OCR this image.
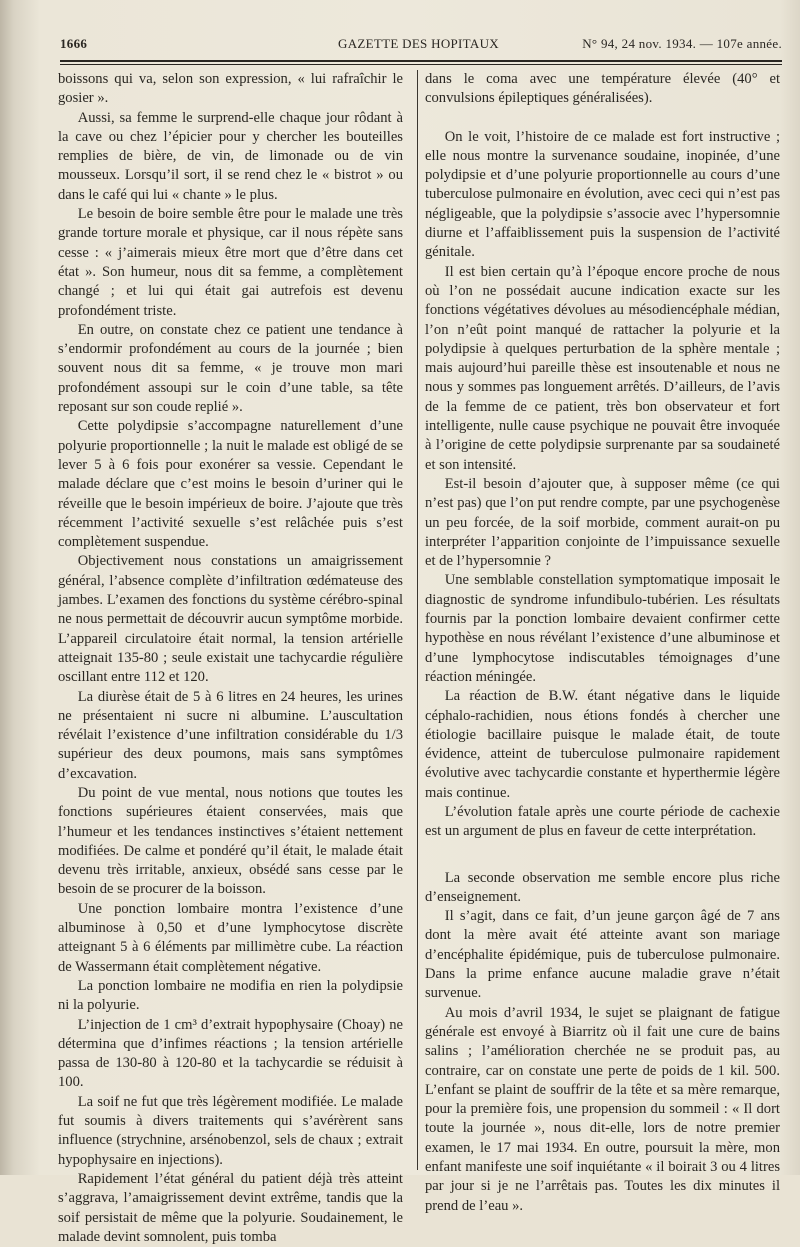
1666	GAZETTE DES HOPITAUX	N° 94, 24 nov. 1934. — 107e année.

boissons qui va, selon son expression, « lui rafraîchir le gosier ».

Aussi, sa femme le surprend-elle chaque jour rôdant à la cave ou chez l’épicier pour y chercher les bouteilles remplies de bière, de vin, de limonade ou de vin mousseux. Lorsqu’il sort, il se rend chez le « bistrot » ou dans le café qui lui « chante » le plus.

Le besoin de boire semble être pour le malade une très grande torture morale et physique, car il nous répète sans cesse : « j’aimerais mieux être mort que d’être dans cet état ». Son humeur, nous dit sa femme, a complètement changé ; et lui qui était gai autrefois est devenu profondément triste.

En outre, on constate chez ce patient une tendance à s’endormir profondément au cours de la journée ; bien souvent nous dit sa femme, « je trouve mon mari profondément assoupi sur le coin d’une table, sa tête reposant sur son coude replié ».

Cette polydipsie s’accompagne naturellement d’une polyurie proportionnelle ; la nuit le malade est obligé de se lever 5 à 6 fois pour exonérer sa vessie. Cependant le malade déclare que c’est moins le besoin d’uriner qui le réveille que le besoin impérieux de boire. J’ajoute que très récemment l’activité sexuelle s’est relâchée puis s’est complètement suspendue.

Objectivement nous constations un amaigrissement général, l’absence complète d’infiltration œdémateuse des jambes. L’examen des fonctions du système cérébro-spinal ne nous permettait de découvrir aucun symptôme morbide. L’appareil circulatoire était normal, la tension artérielle atteignait 135-80 ; seule existait une tachycardie régulière oscillant entre 112 et 120.

La diurèse était de 5 à 6 litres en 24 heures, les urines ne présentaient ni sucre ni albumine. L’auscultation révélait l’existence d’une infiltration considérable du 1/3 supérieur des deux poumons, mais sans symptômes d’excavation.

Du point de vue mental, nous notions que toutes les fonctions supérieures étaient conservées, mais que l’humeur et les tendances instinctives s’étaient nettement modifiées. De calme et pondéré qu’il était, le malade était devenu très irritable, anxieux, obsédé sans cesse par le besoin de se procurer de la boisson.

Une ponction lombaire montra l’existence d’une albuminose à 0,50 et d’une lymphocytose discrète atteignant 5 à 6 éléments par millimètre cube. La réaction de Wassermann était complètement négative.

La ponction lombaire ne modifia en rien la polydipsie ni la polyurie.

L’injection de 1 cm³ d’extrait hypophysaire (Choay) ne détermina que d’infimes réactions ; la tension artérielle passa de 130-80 à 120-80 et la tachycardie se réduisit à 100.

La soif ne fut que très légèrement modifiée. Le malade fut soumis à divers traitements qui s’avérèrent sans influence (strychnine, arsénobenzol, sels de chaux ; extrait hypophysaire en injections).

Rapidement l’état général du patient déjà très atteint s’aggrava, l’amaigrissement devint extrême, tandis que la soif persistait de même que la polyurie. Soudainement, le malade devint somnolent, puis tomba

dans le coma avec une température élevée (40° et convulsions épileptiques généralisées).

On le voit, l’histoire de ce malade est fort instructive ; elle nous montre la survenance soudaine, inopinée, d’une polydipsie et d’une polyurie proportionnelle au cours d’une tuberculose pulmonaire en évolution, avec ceci qui n’est pas négligeable, que la polydipsie s’associe avec l’hypersomnie diurne et l’affaiblissement puis la suspension de l’activité génitale.

Il est bien certain qu’à l’époque encore proche de nous où l’on ne possédait aucune indication exacte sur les fonctions végétatives dévolues au mésodiencéphale médian, l’on n’eût point manqué de rattacher la polyurie et la polydipsie à quelques perturbation de la sphère mentale ; mais aujourd’hui pareille thèse est insoutenable et nous ne nous y sommes pas longuement arrêtés. D’ailleurs, de l’avis de la femme de ce patient, très bon observateur et fort intelligente, nulle cause psychique ne pouvait être invoquée à l’origine de cette polydipsie surprenante par sa soudaineté et son intensité.

Est-il besoin d’ajouter que, à supposer même (ce qui n’est pas) que l’on put rendre compte, par une psychogenèse un peu forcée, de la soif morbide, comment aurait-on pu interpréter l’apparition conjointe de l’impuissance sexuelle et de l’hypersomnie ?

Une semblable constellation symptomatique imposait le diagnostic de syndrome infundibulo-tubérien. Les résultats fournis par la ponction lombaire devaient confirmer cette hypothèse en nous révélant l’existence d’une albuminose et d’une lymphocytose indiscutables témoignages d’une réaction méningée.

La réaction de B.W. étant négative dans le liquide céphalo-rachidien, nous étions fondés à chercher une étiologie bacillaire puisque le malade était, de toute évidence, atteint de tuberculose pulmonaire rapidement évolutive avec tachycardie constante et hyperthermie légère mais continue.

L’évolution fatale après une courte période de cachexie est un argument de plus en faveur de cette interprétation.

La seconde observation me semble encore plus riche d’enseignement.

Il s’agit, dans ce fait, d’un jeune garçon âgé de 7 ans dont la mère avait été atteinte avant son mariage d’encéphalite épidémique, puis de tuberculose pulmonaire. Dans la prime enfance aucune maladie grave n’était survenue.

Au mois d’avril 1934, le sujet se plaignant de fatigue générale est envoyé à Biarritz où il fait une cure de bains salins ; l’amélioration cherchée ne se produit pas, au contraire, car on constate une perte de poids de 1 kil. 500. L’enfant se plaint de souffrir de la tête et sa mère remarque, pour la première fois, une propension du sommeil : « Il dort toute la journée », nous dit-elle, lors de notre premier examen, le 17 mai 1934. En outre, poursuit la mère, mon enfant manifeste une soif inquiétante « il boirait 3 ou 4 litres par jour si je ne l’arrêtais pas. Toutes les dix minutes il prend de l’eau ».
